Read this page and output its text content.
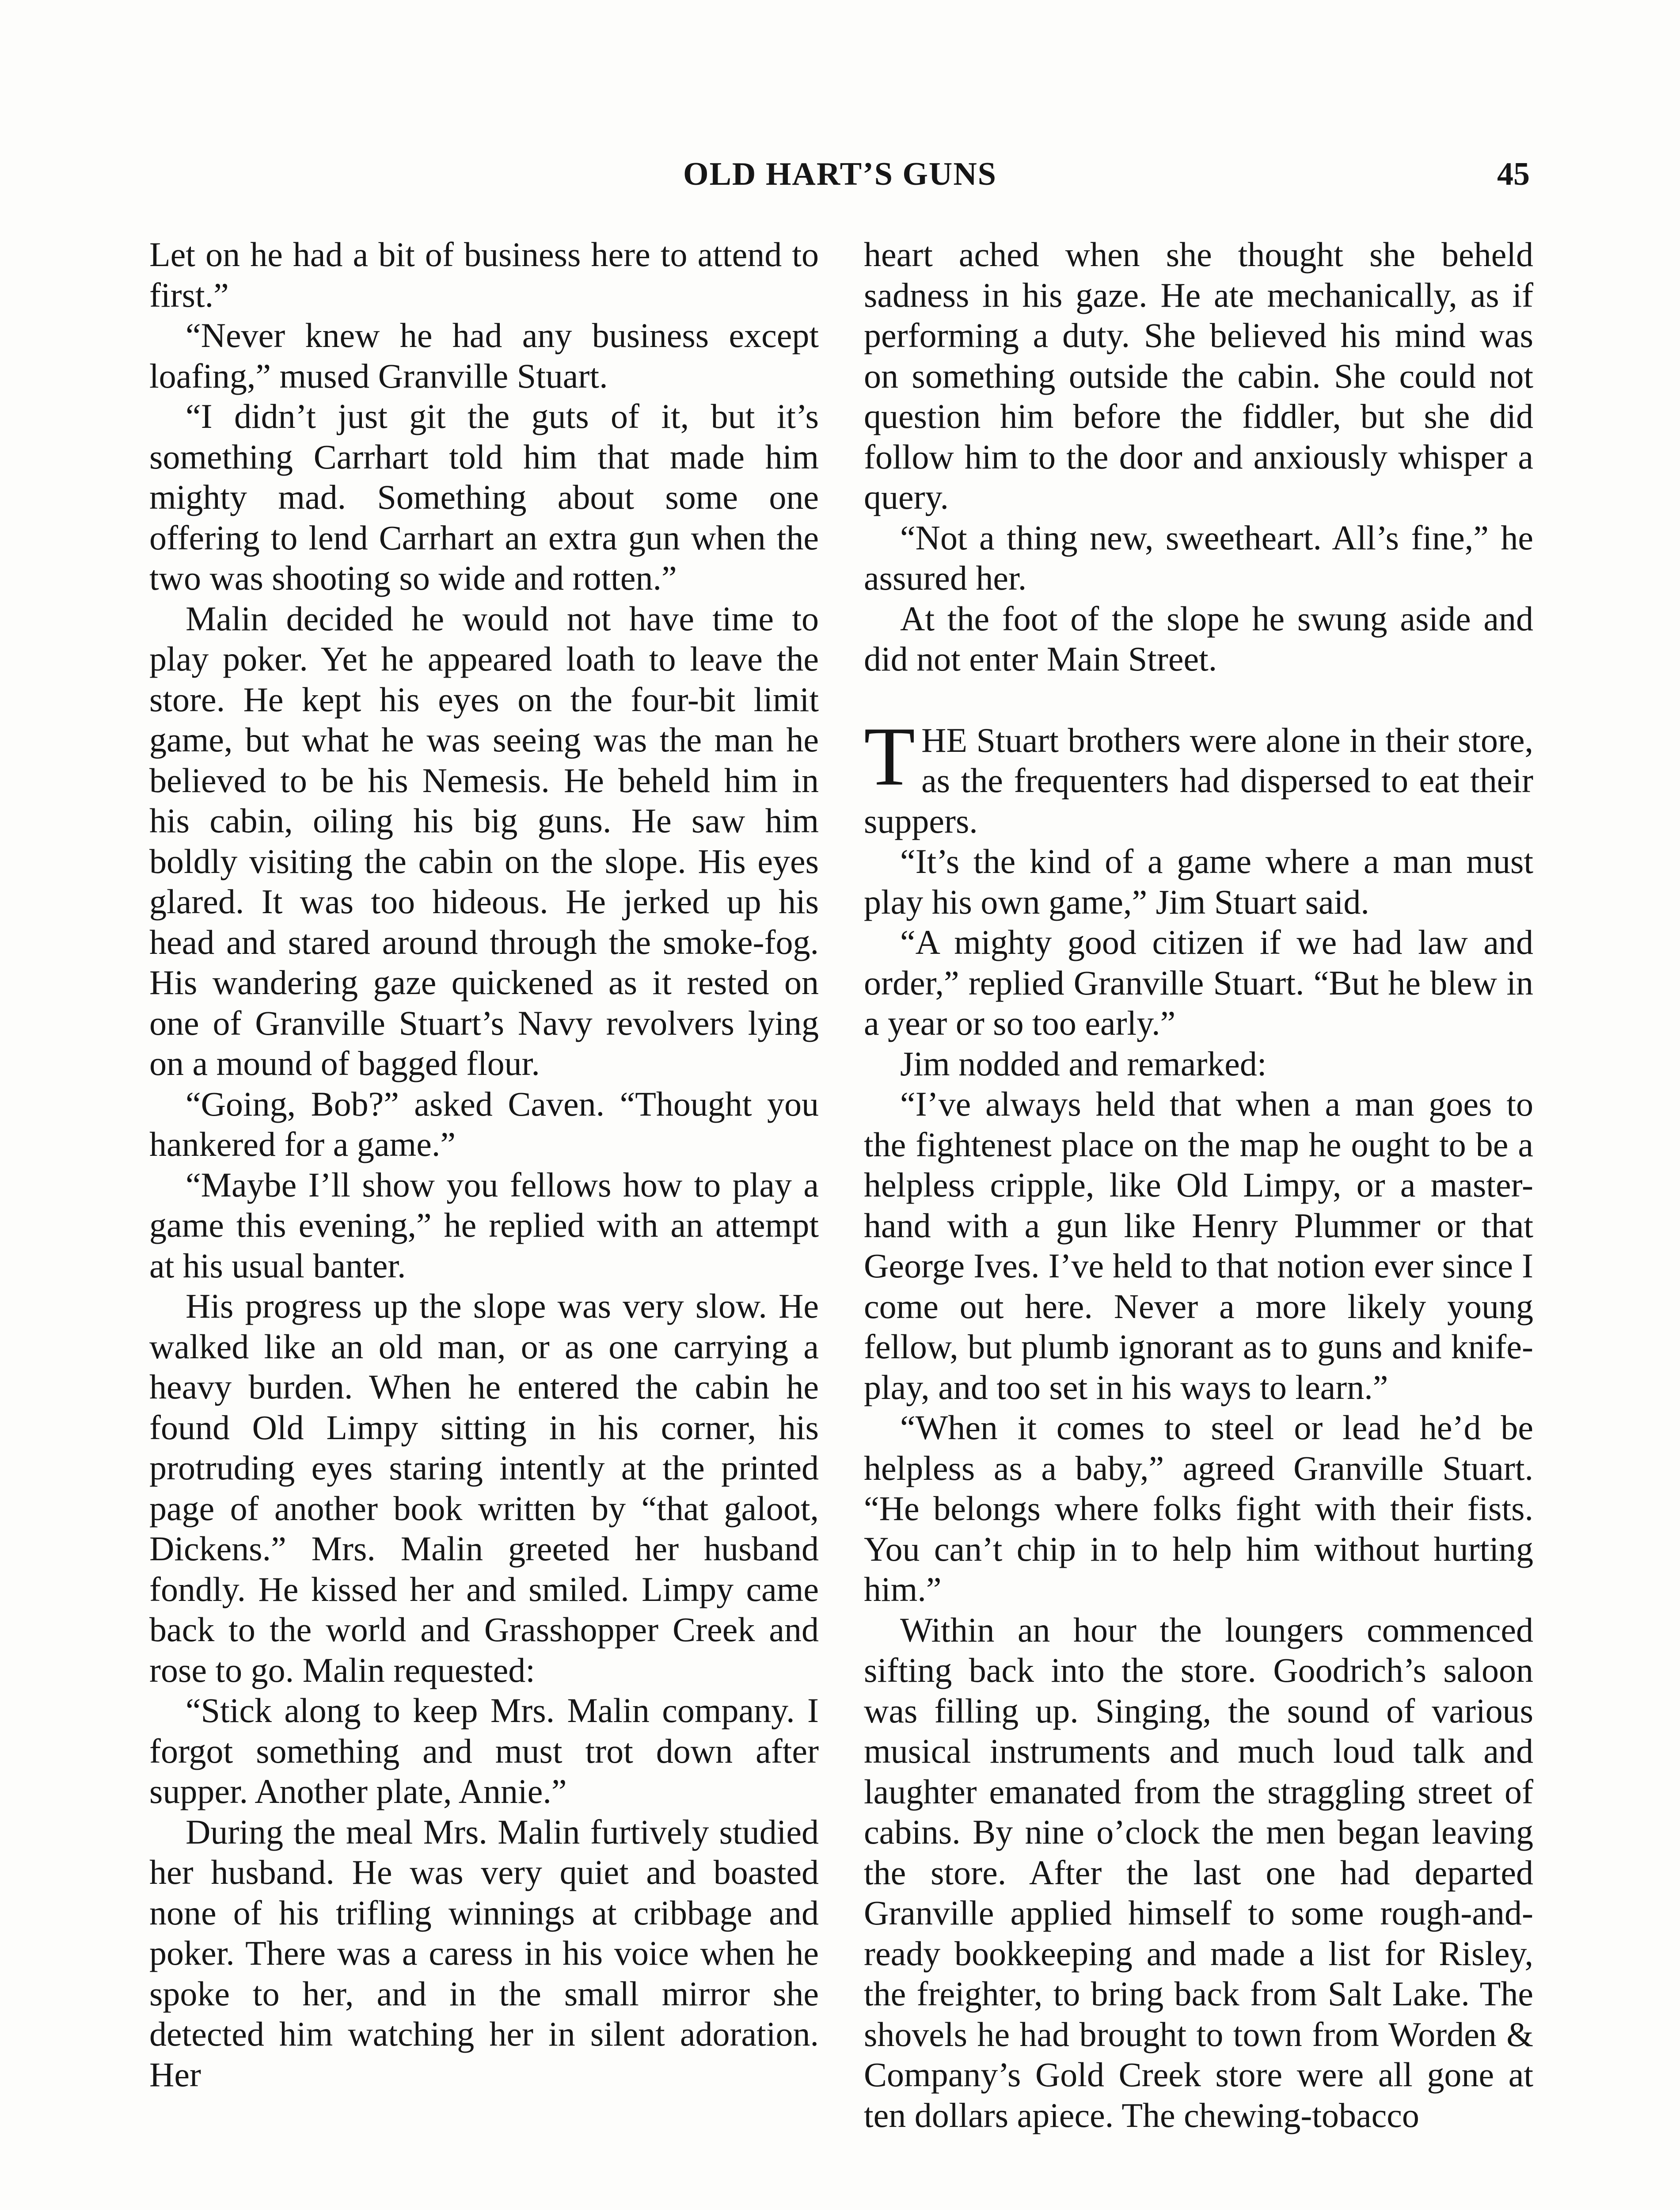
OLD HART’S GUNS	45

Let on he had a bit of business here to attend to first.”

“Never knew he had any business except loafing,” mused Granville Stuart.

“I didn’t just git the guts of it, but it’s something Carrhart told him that made him mighty mad. Something about some one offering to lend Carrhart an extra gun when the two was shooting so wide and rotten.”

Malin decided he would not have time to play poker. Yet he appeared loath to leave the store. He kept his eyes on the four-bit limit game, but what he was seeing was the man he believed to be his Nemesis. He beheld him in his cabin, oiling his big guns. He saw him boldly visiting the cabin on the slope. His eyes glared. It was too hideous. He jerked up his head and stared around through the smoke-fog. His wandering gaze quickened as it rested on one of Granville Stuart’s Navy revolvers lying on a mound of bagged flour.

“Going, Bob?” asked Caven. “Thought you hankered for a game.”

“Maybe I’ll show you fellows how to play a game this evening,” he replied with an attempt at his usual banter.

His progress up the slope was very slow. He walked like an old man, or as one carrying a heavy burden. When he entered the cabin he found Old Limpy sitting in his corner, his protruding eyes staring intently at the printed page of another book written by “that galoot, Dickens.” Mrs. Malin greeted her husband fondly. He kissed her and smiled. Limpy came back to the world and Grasshopper Creek and rose to go. Malin requested:

“Stick along to keep Mrs. Malin company. I forgot something and must trot down after supper. Another plate, Annie.”

During the meal Mrs. Malin furtively studied her husband. He was very quiet and boasted none of his trifling winnings at cribbage and poker. There was a caress in his voice when he spoke to her, and in the small mirror she detected him watching her in silent adoration. Her

heart ached when she thought she beheld sadness in his gaze. He ate mechanically, as if performing a duty. She believed his mind was on something outside the cabin. She could not question him before the fiddler, but she did follow him to the door and anxiously whisper a query.

“Not a thing new, sweetheart. All’s fine,” he assured her.

At the foot of the slope he swung aside and did not enter Main Street.

THE Stuart brothers were alone in their store, as the frequenters had dispersed to eat their suppers.

“It’s the kind of a game where a man must play his own game,” Jim Stuart said.

“A mighty good citizen if we had law and order,” replied Granville Stuart. “But he blew in a year or so too early.”

Jim nodded and remarked:

“I’ve always held that when a man goes to the fightenest place on the map he ought to be a helpless cripple, like Old Limpy, or a master-hand with a gun like Henry Plummer or that George Ives. I’ve held to that notion ever since I come out here. Never a more likely young fellow, but plumb ignorant as to guns and knife-play, and too set in his ways to learn.”

“When it comes to steel or lead he’d be helpless as a baby,” agreed Granville Stuart. “He belongs where folks fight with their fists. You can’t chip in to help him without hurting him.”

Within an hour the loungers commenced sifting back into the store. Goodrich’s saloon was filling up. Singing, the sound of various musical instruments and much loud talk and laughter emanated from the straggling street of cabins. By nine o’clock the men began leaving the store. After the last one had departed Granville applied himself to some rough-and-ready bookkeeping and made a list for Risley, the freighter, to bring back from Salt Lake. The shovels he had brought to town from Worden & Company’s Gold Creek store were all gone at ten dollars apiece. The chewing-tobacco
